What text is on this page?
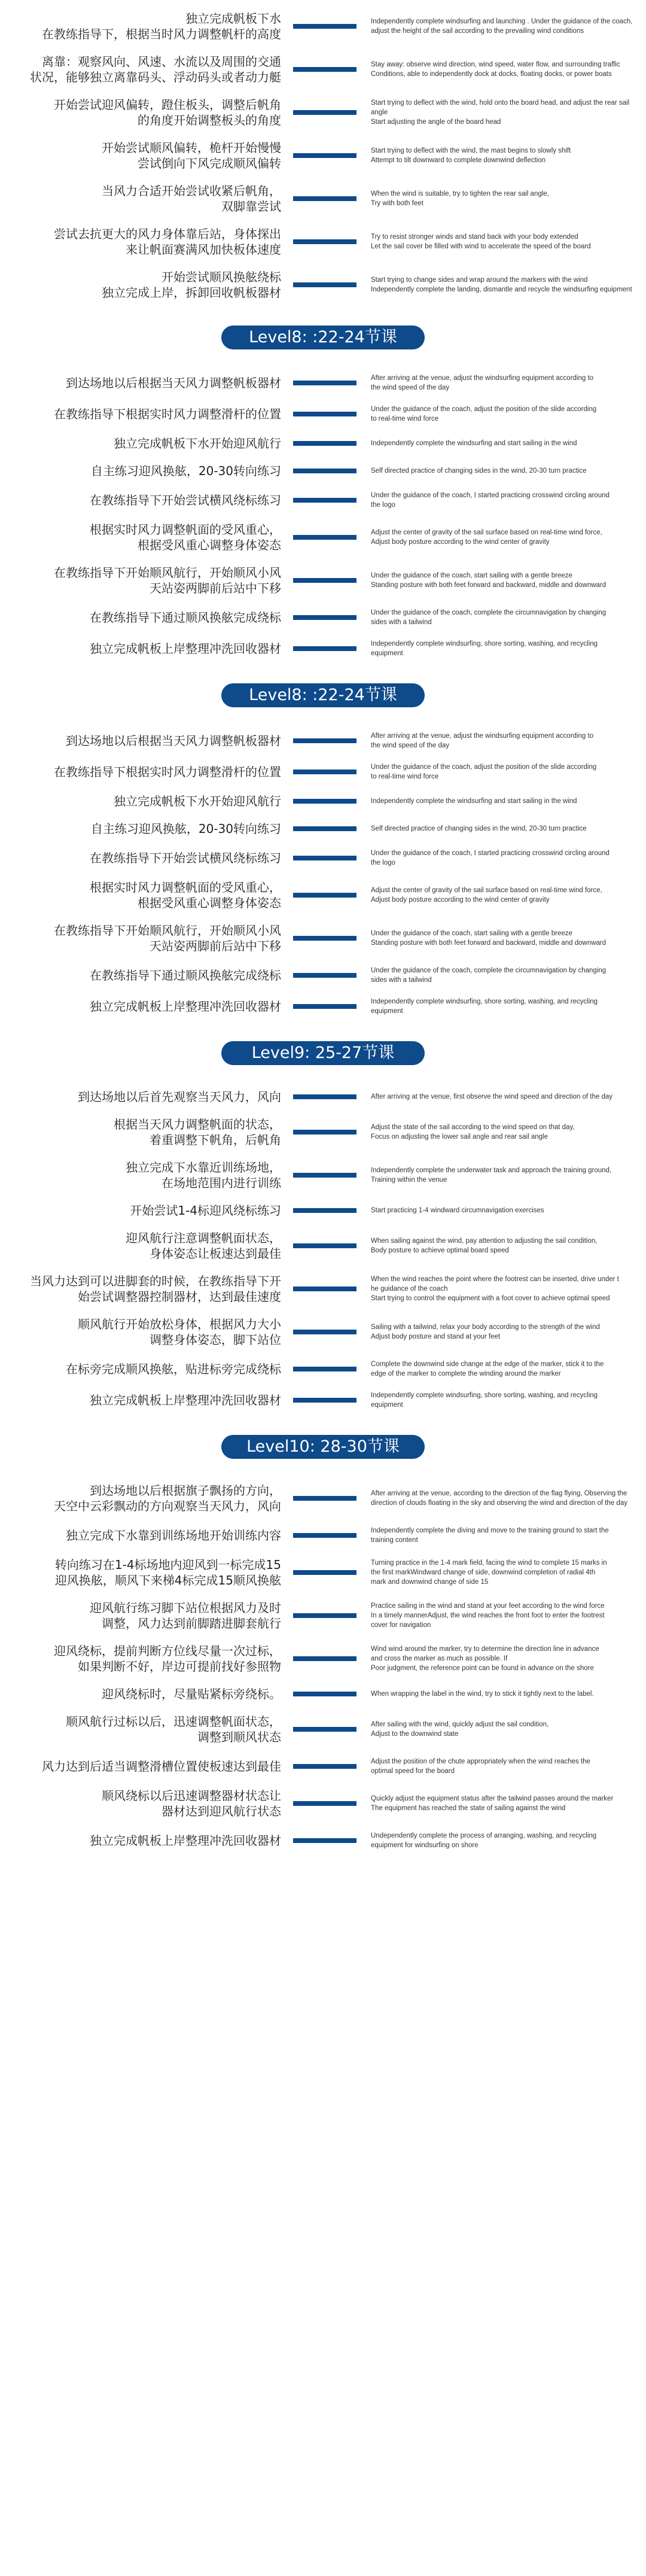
独立完成帆板下水
在教练指导下，根据当时风力调整帆杆的高度
Independently complete windsurfing and launching . Under the guidance of the coach,
adjust the height of the sail according to the prevailing wind conditions
离靠：观察风向、风速、水流以及周围的交通
状况，能够独立离靠码头、浮动码头或者动力艇
Stay away: observe wind direction, wind speed, water flow, and surrounding traffic
Conditions, able to independently dock at docks, floating docks, or power boats
开始尝试迎风偏转，蹬住板头，调整后帆角
的角度开始调整板头的角度
Start trying to deflect with the wind, hold onto the board head, and adjust the rear sail angle
Start adjusting the angle of the board head
开始尝试顺风偏转，桅杆开始慢慢
尝试倒向下风完成顺风偏转
Start trying to deflect with the wind, the mast begins to slowly shift
Attempt to tilt downward to complete downwind deflection
当风力合适开始尝试收紧后帆角，
双脚靠尝试
When the wind is suitable, try to tighten the rear sail angle,
Try with both feet
尝试去抗更大的风力身体靠后站，身体探出
来让帆面赛满风加快板体速度
Try to resist stronger winds and stand back with your body extended
Let the sail cover be filled with wind to accelerate the speed of the board
开始尝试顺风换舷绕标
独立完成上岸，拆卸回收帆板器材
Start trying to change sides and wrap around the markers with the wind
Independently complete the landing, dismantle and recycle the windsurfing equipment
Level8: :22-24节课
到达场地以后根据当天风力调整帆板器材	After arriving at the venue, adjust the windsurfing equipment according to
the wind speed of the day
在教练指导下根据实时风力调整滑杆的位置	Under the guidance of the coach, adjust the position of the slide according
to real-time wind force
独立完成帆板下水开始迎风航行	Independently complete the windsurfing and start sailing in the wind
自主练习迎风换舷，20-30转向练习	Self directed practice of changing sides in the wind, 20-30 turn practice
在教练指导下开始尝试横风绕标练习	Under the guidance of the coach, I started practicing crosswind circling around
the logo
根据实时风力调整帆面的受风重心，
根据受风重心调整身体姿态
Adjust the center of gravity of the sail surface based on real-time wind force,
Adjust body posture according to the wind center of gravity
在教练指导下开始顺风航行，开始顺风小风
天站姿两脚前后站中下移
Under the guidance of the coach, start sailing with a gentle breeze
Standing posture with both feet forward and backward, middle and downward
在教练指导下通过顺风换舷完成绕标	Under the guidance of the coach, complete the circumnavigation by changing
sides with a tailwind
独立完成帆板上岸整理冲洗回收器材	Independently complete windsurfing, shore sorting, washing, and recycling
equipment
Level8: :22-24节课
到达场地以后根据当天风力调整帆板器材	After arriving at the venue, adjust the windsurfing equipment according to
the wind speed of the day
在教练指导下根据实时风力调整滑杆的位置	Under the guidance of the coach, adjust the position of the slide according
to real-time wind force
独立完成帆板下水开始迎风航行	Independently complete the windsurfing and start sailing in the wind
自主练习迎风换舷，20-30转向练习	Self directed practice of changing sides in the wind, 20-30 turn practice
在教练指导下开始尝试横风绕标练习	Under the guidance of the coach, I started practicing crosswind circling around
the logo
根据实时风力调整帆面的受风重心，
根据受风重心调整身体姿态
Adjust the center of gravity of the sail surface based on real-time wind force,
Adjust body posture according to the wind center of gravity
在教练指导下开始顺风航行，开始顺风小风
天站姿两脚前后站中下移
Under the guidance of the coach, start sailing with a gentle breeze
Standing posture with both feet forward and backward, middle and downward
在教练指导下通过顺风换舷完成绕标	Under the guidance of the coach, complete the circumnavigation by changing
sides with a tailwind
独立完成帆板上岸整理冲洗回收器材	Independently complete windsurfing, shore sorting, washing, and recycling
equipment
Level9: 25-27节课
到达场地以后首先观察当天风力，风向	After arriving at the venue, first observe the wind speed and direction of the day
根据当天风力调整帆面的状态，
着重调整下帆角，后帆角
Adjust the state of the sail according to the wind speed on that day,
Focus on adjusting the lower sail angle and rear sail angle
独立完成下水靠近训练场地，
在场地范围内进行训练
Independently complete the underwater task and approach the training ground,
Training within the venue
开始尝试1-4标迎风绕标练习	Start practicing 1-4 windward circumnavigation exercises
迎风航行注意调整帆面状态，
身体姿态让板速达到最佳
When sailing against the wind, pay attention to adjusting the sail condition,
Body posture to achieve optimal board speed
当风力达到可以进脚套的时候，在教练指导下开
始尝试调整器控制器材，达到最佳速度
When the wind reaches the point where the footrest can be inserted, drive under t
he guidance of the coach
Start trying to control the equipment with a foot cover to achieve optimal speed
顺风航行开始放松身体，根据风力大小
调整身体姿态，脚下站位
Sailing with a tailwind, relax your body according to the strength of the wind
Adjust body posture and stand at your feet
在标旁完成顺风换舷，贴进标旁完成绕标	Complete the downwind side change at the edge of the marker, stick it to the
edge of the marker to complete the winding around the marker
独立完成帆板上岸整理冲洗回收器材	Independently complete windsurfing, shore sorting, washing, and recycling
equipment
Level10: 28-30节课
到达场地以后根据旗子飘扬的方向，
天空中云彩飘动的方向观察当天风力，风向
After arriving at the venue, according to the direction of the flag flying, Observing the
direction of clouds floating in the sky and observing the wind and direction of the day
独立完成下水靠到训练场地开始训练内容	Independently complete the diving and move to the training ground to start the
training content
转向练习在1-4标场地内迎风到一标完成15
迎风换舷，顺风下来梯4标完成15顺风换舷
Turning practice in the 1-4 mark field, facing the wind to complete 15 marks in
the first markWindward change of side, downwind completion of radial 4th
mark and downwind change of side 15
迎风航行练习脚下站位根据风力及时
调整，风力达到前脚踏进脚套航行
Practice sailing in the wind and stand at your feet according to the wind force
In a timely mannerAdjust, the wind reaches the front foot to enter the footrest
cover for navigation
迎风绕标，提前判断方位线尽量一次过标，
如果判断不好，岸边可提前找好参照物
Wind wind around the marker, try to determine the direction line in advance
and cross the marker as much as possible. If
Poor judgment, the reference point can be found in advance on the shore
迎风绕标时，尽量贴紧标旁绕标。	When wrapping the label in the wind, try to stick it tightly next to the label.
顺风航行过标以后，迅速调整帆面状态，
调整到顺风状态
After sailing with the wind, quickly adjust the sail condition,
Adjust to the downwind state
风力达到后适当调整滑槽位置使板速达到最佳	Adjust the position of the chute appropriately when the wind reaches the
optimal speed for the board
顺风绕标以后迅速调整器材状态让
器材达到迎风航行状态
Quickly adjust the equipment status after the tailwind passes around the marker
The equipment has reached the state of sailing against the wind
独立完成帆板上岸整理冲洗回收器材	Undependently complete the process of arranging, washing, and recycling
equipment for windsurfing on shore
